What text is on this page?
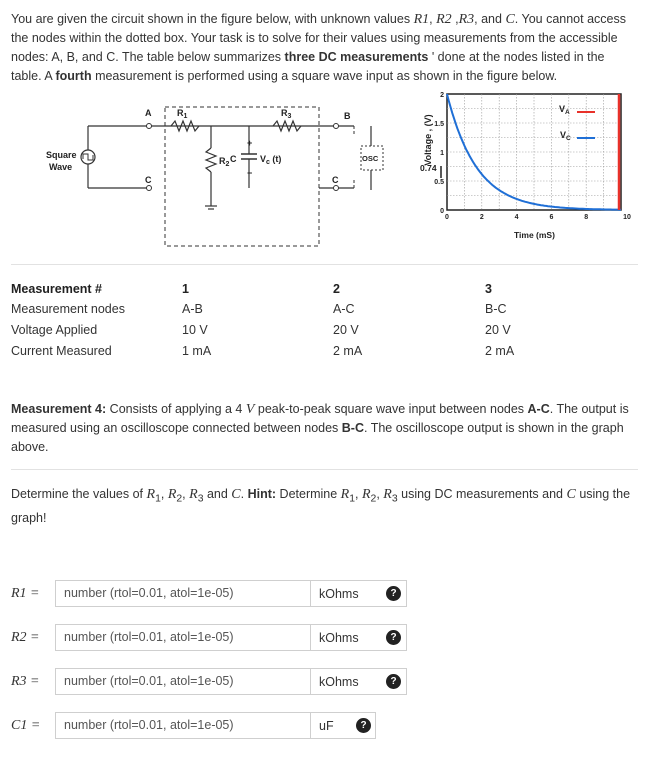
You are given the circuit shown in the figure below, with unknown values R1, R2 ,R3, and C. You cannot access the nodes within the dotted box. Your task is to solve for their values using measurements from the accessible nodes: A, B, and C. The table below summarizes three DC measurements ' done at the nodes listed in the table. A fourth measurement is performed using a square wave input as shown in the figure below.

A	$R_1$	$R_3$	B
Square
Wave
C
$R_2$
C	$V_c$ (t)
+
−
C
OSC	Voltage , (V)
2
1.5
1
0.5
0
0	2	4	6	8	10
0.74
Time (mS)
$V_A$
$V_C$
Measurement #	1	2	3
Measurement nodes	A-B	A-C	B-C
Voltage Applied	10 V	20 V	20 V
Current Measured	1 mA	2 mA	2 mA

Measurement 4: Consists of applying a 4 V peak-to-peak square wave input between nodes A-C. The output is measured using an oscilloscope connected between nodes B-C. The oscilloscope output is shown in the graph above.

Determine the values of $R_1$, $R_2$, $R_3$ and C. Hint: Determine $R_1$, $R_2$, $R_3$ using DC measurements and C using the graph!

R1 =	number (rtol=0.01, atol=1e-05)	kOhms	?
R2 =	number (rtol=0.01, atol=1e-05)	kOhms	?
R3 =	number (rtol=0.01, atol=1e-05)	kOhms	?
C1 =	number (rtol=0.01, atol=1e-05)	uF	?
